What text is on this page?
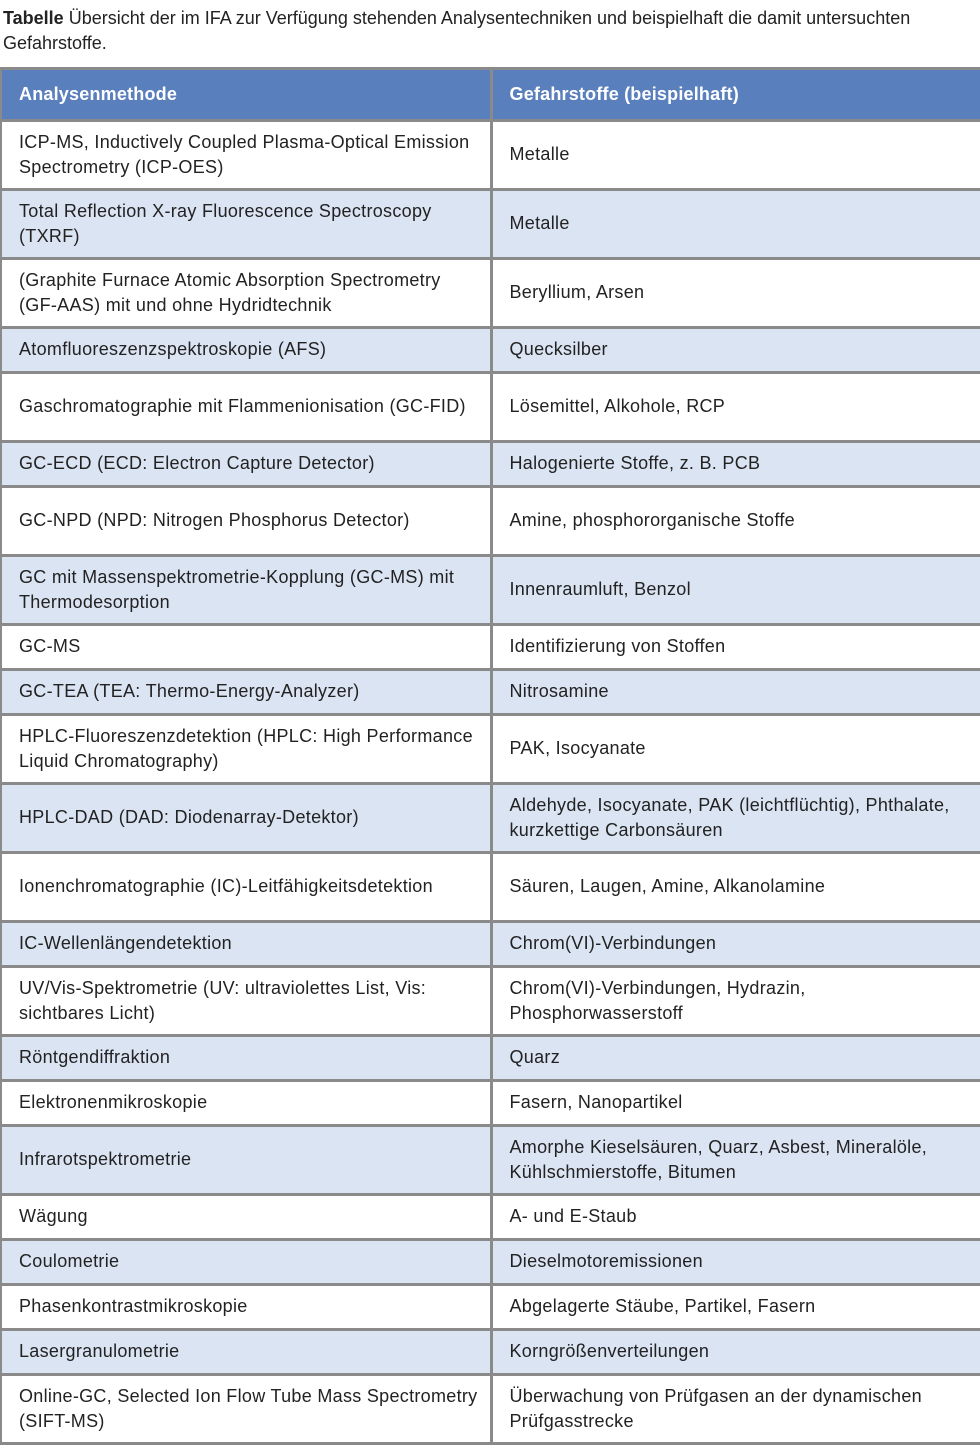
Tabelle Übersicht der im IFA zur Verfügung stehenden Analysentechniken und beispielhaft die damit untersuchten Gefahrstoffe.
Analysenmethode	Gefahrstoffe (beispielhaft)
ICP-MS, Inductively Coupled Plasma-Optical Emission Spectrometry (ICP-OES)	Metalle
Total Reflection X-ray Fluorescence Spectroscopy (TXRF)	Metalle
(Graphite Furnace Atomic Absorption Spectrometry (GF-AAS) mit und ohne Hydridtechnik	Beryllium, Arsen
Atomfluoreszenzspektroskopie (AFS)	Quecksilber
Gaschromatographie mit Flammenionisation (GC-FID)	Lösemittel, Alkohole, RCP
GC-ECD (ECD: Electron Capture Detector)	Halogenierte Stoffe, z. B. PCB
GC-NPD (NPD: Nitrogen Phosphorus Detector)	Amine, phosphororganische Stoffe
GC mit Massenspektrometrie-Kopplung (GC-MS) mit Thermodesorption	Innenraumluft, Benzol
GC-MS	Identifizierung von Stoffen
GC-TEA (TEA: Thermo-Energy-Analyzer)	Nitrosamine
HPLC-Fluoreszenzdetektion (HPLC: High Performance Liquid Chromatography)	PAK, Isocyanate
HPLC-DAD (DAD: Diodenarray-Detektor)	Aldehyde, Isocyanate, PAK (leichtflüchtig), Phthalate, kurzkettige Carbonsäuren
Ionenchromatographie (IC)-Leitfähigkeitsdetektion	Säuren, Laugen, Amine, Alkanolamine
IC-Wellenlängendetektion	Chrom(VI)-Verbindungen
UV/Vis-Spektrometrie (UV: ultraviolettes List, Vis: sichtbares Licht)	Chrom(VI)-Verbindungen, Hydrazin, Phosphorwasserstoff
Röntgendiffraktion	Quarz
Elektronenmikroskopie	Fasern, Nanopartikel
Infrarotspektrometrie	Amorphe Kieselsäuren, Quarz, Asbest, Mineralöle, Kühlschmierstoffe, Bitumen
Wägung	A- und E-Staub
Coulometrie	Dieselmotoremissionen
Phasenkontrastmikroskopie	Abgelagerte Stäube, Partikel, Fasern
Lasergranulometrie	Korngrößenverteilungen
Online-GC, Selected Ion Flow Tube Mass Spectrometry (SIFT-MS)	Überwachung von Prüfgasen an der dynamischen Prüfgasstrecke
